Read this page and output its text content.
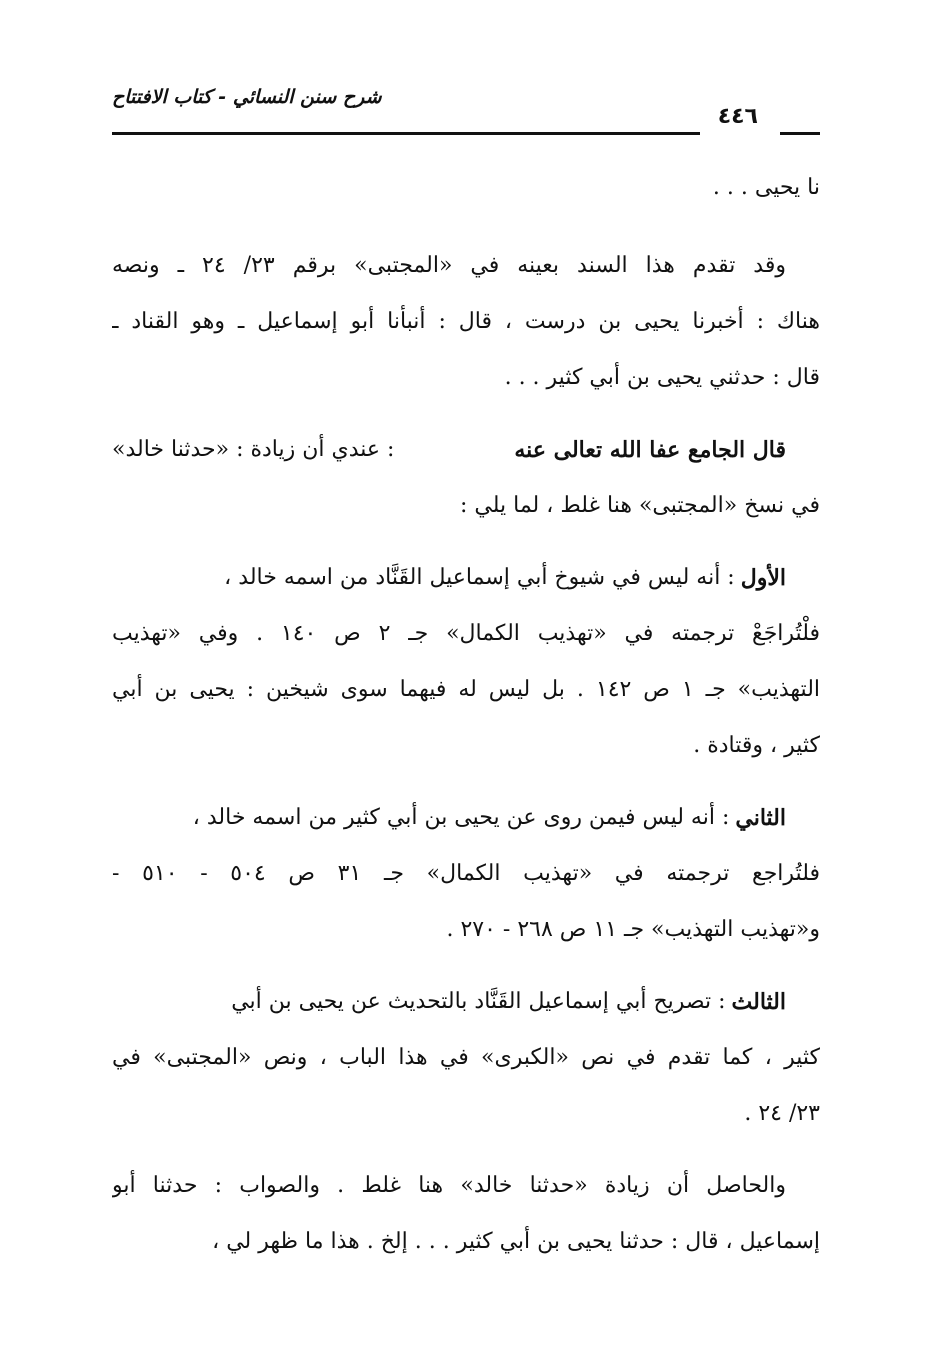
شرح سنن النسائي - كتاب الافتتاح
٤٤٦
نا يحيى . . .
وقد تقدم هذا السند بعينه في «المجتبى» برقم ٢٣/ ٢٤ ـ ونصه
هناك : أخبرنا يحيى بن درست ، قال : أنبأنا أبو إسماعيل ـ وهو القناد ـ
قال : حدثني يحيى بن أبي كثير . . .
قال الجامع عفا الله تعالى عنه
: عندي أن زيادة : «حدثنا خالد»
في نسخ «المجتبى» هنا غلط ، لما يلي :
الأول
: أنه ليس في شيوخ أبي إسماعيل القَنَّاد من اسمه خالد ،
فلْتُراجَعْ ترجمته في «تهذيب الكمال» جـ ٢ ص ١٤٠ . وفي «تهذيب
التهذيب» جـ ١ ص ١٤٢ . بل ليس له فيهما سوى شيخين : يحيى بن أبي
كثير ، وقتادة .
الثاني
: أنه ليس فيمن روى عن يحيى بن أبي كثير من اسمه خالد ،
فلتُراجع ترجمته في «تهذيب الكمال» جـ ٣١ ص ٥٠٤ - ٥١٠ -
و«تهذيب التهذيب» جـ ١١ ص ٢٦٨ - ٢٧٠ .
الثالث
: تصريح أبي إسماعيل القَنَّاد بالتحديث عن يحيى بن أبي
كثير ، كما تقدم في نص «الكبرى» في هذا الباب ، ونص «المجتبى» في
٢٣/ ٢٤ .
والحاصل أن زيادة «حدثنا خالد» هنا غلط . والصواب : حدثنا أبو
إسماعيل ، قال : حدثنا يحيى بن أبي كثير . . . إلخ . هذا ما ظهر لي ،
